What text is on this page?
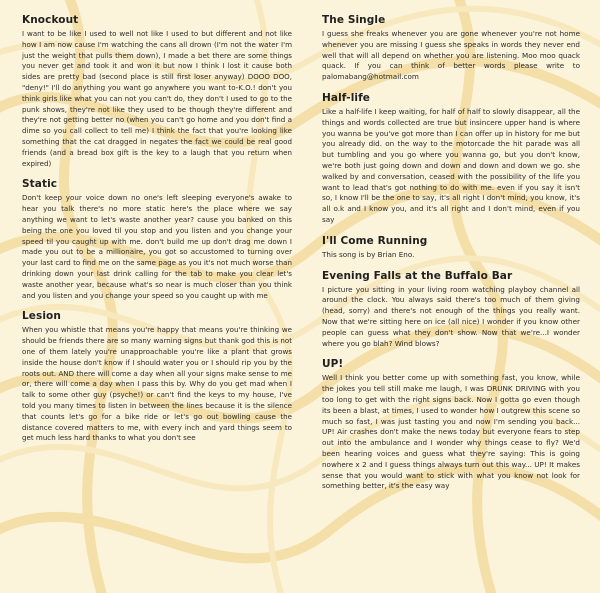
Knockout

I want to be like I used to well not like I used to but different and not like how I am now cause I'm watching the cans all drown (I'm not the water I'm just the weight that pulls them down), I made a bet there are some things you never get and took it and won it but now I think I lost it cause both sides are pretty bad (second place is still first loser anyway) DOOO DOO, "deny!" I'll do anything you want go anywhere you want to-K.O.! don't you think girls like what you can not you can't do, they don't I used to go to the punk shows, they're not like they used to be though they're different and they're not getting better no (when you can't go home and you don't find a dime so you call collect to tell me) I think the fact that you're looking like something that the cat dragged in negates the fact we could be real good friends (and a bread box gift is the key to a laugh that you return when expired)

Static

Don't keep your voice down no one's left sleeping everyone's awake to hear you talk there's no more static here's the place where we say anything we want to let's waste another year? cause you banked on this being the one you loved til you stop and you listen and you change your speed til you caught up with me. don't build me up don't drag me down I made you out to be a millionaire, you got so accustomed to turning over your last card to find me on the same page as you it's not much worse than drinking down your last drink calling for the tab to make you clear let's waste another year, because what's so near is much closer than you think and you listen and you change your speed so you caught up with me

Lesion

When you whistle that means you're happy that means you're thinking we should be friends there are so many warning signs but thank god this is not one of them lately you're unapproachable you're like a plant that grows inside the house don't know if I should water you or I should rip you by the roots out. AND there will come a day when all your signs make sense to me or, there will come a day when I pass this by. Why do you get mad when I talk to some other guy (psyche!) or can't find the keys to my house, I've told you many times to listen in between the lines because it is the silence that counts let's go for a bike ride or let's go out bowling cause the distance covered matters to me, with every inch and yard things seem to get much less hard thanks to what you don't see

The Single

I guess she freaks whenever you are gone whenever you're not home whenever you are missing I guess she speaks in words they never end well that will all depend on whether you are listening. Moo moo quack quack. If you can think of better words please write to palomabang@hotmail.com

Half-life

Like a half-life I keep waiting, for half of half to slowly disappear, all the things and words collected are true but insincere upper hand is where you wanna be you've got more than I can offer up in history for me but you already did. on the way to the motorcade the hit parade was all but tumbling and you go where you wanna go, but you don't know, we're both just going down and down and down and down we go. she walked by and conversation, ceased with the possibility of the life you want to lead that's got nothing to do with me. even if you say it isn't so, I know I'll be the one to say, it's all right I don't mind, you know, it's all o.k and I know you, and it's all right and I don't mind, even if you say

I'll Come Running

This song is by Brian Eno.

Evening Falls at the Buffalo Bar

I picture you sitting in your living room watching playboy channel all around the clock. You always said there's too much of them giving (head, sorry) and there's not enough of the things you really want. Now that we're sitting here on ice (all nice) I wonder if you know other people can guess what they don't show. Now that we're...I wonder where you go blah? Wind blows?

UP!

Well I think you better come up with something fast, you know, while the jokes you tell still make me laugh, I was DRUNK DRIVING with you too long to get with the right signs back. Now I gotta go even though its been a blast, at times, I used to wonder how I outgrew this scene so much so fast, I was just tasting you and now I'm sending you back... UP! Air crashes don't make the news today but everyone fears to step out into the ambulance and I wonder why things cease to fly? We'd been hearing voices and guess what they're saying: This is going nowhere x 2 and I guess things always turn out this way... UP! It makes sense that you would want to stick with what you know not look for something better, it's the easy way
